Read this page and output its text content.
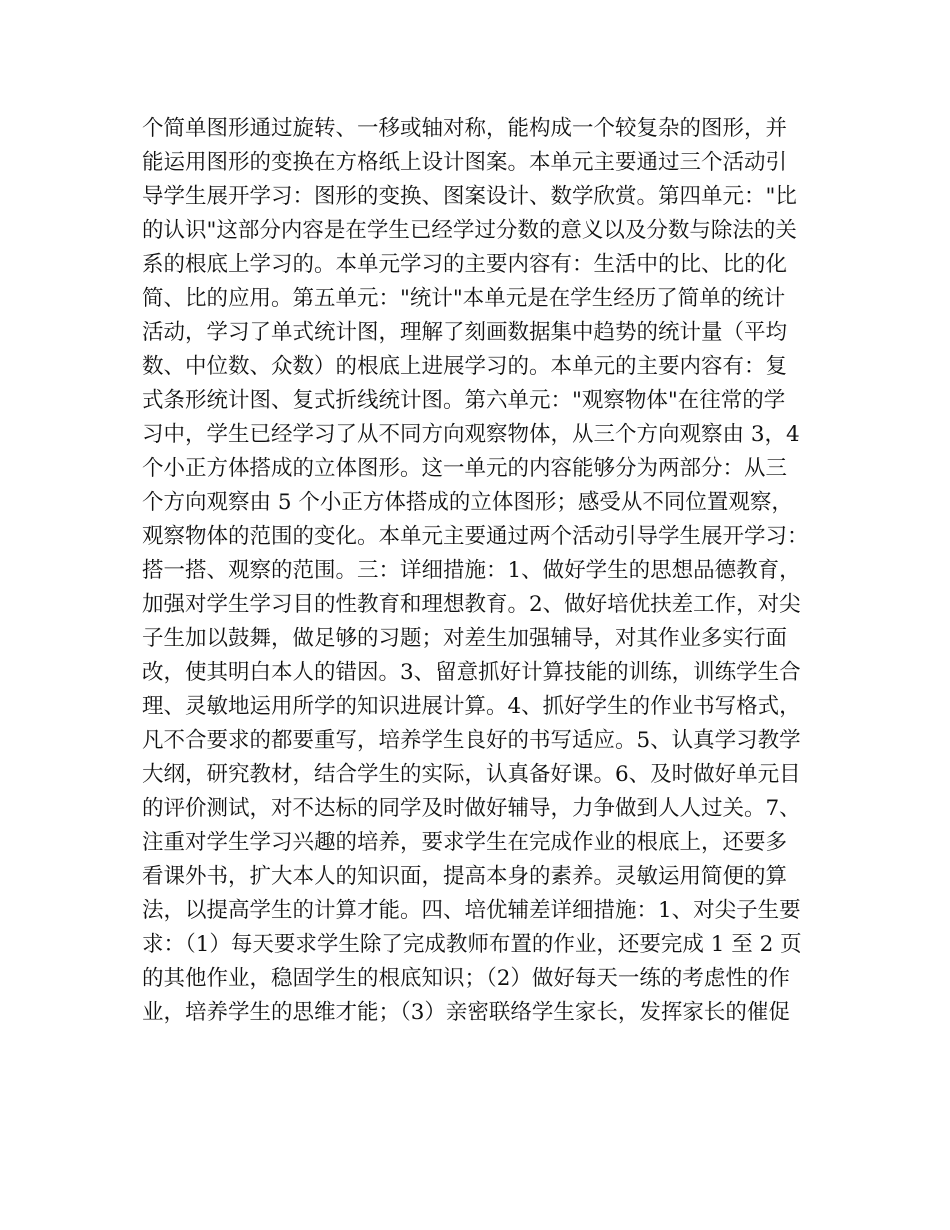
个简单图形通过旋转、一移或轴对称，能构成一个较复杂的图形，并
能运用图形的变换在方格纸上设计图案。本单元主要通过三个活动引
导学生展开学习：图形的变换、图案设计、数学欣赏。第四单元："比
的认识"这部分内容是在学生已经学过分数的意义以及分数与除法的关
系的根底上学习的。本单元学习的主要内容有：生活中的比、比的化
简、比的应用。第五单元："统计"本单元是在学生经历了简单的统计
活动，学习了单式统计图，理解了刻画数据集中趋势的统计量（平均
数、中位数、众数）的根底上进展学习的。本单元的主要内容有：复
式条形统计图、复式折线统计图。第六单元："观察物体"在往常的学
习中，学生已经学习了从不同方向观察物体，从三个方向观察由 3，4
个小正方体搭成的立体图形。这一单元的内容能够分为两部分：从三
个方向观察由 5 个小正方体搭成的立体图形；感受从不同位置观察，
观察物体的范围的变化。本单元主要通过两个活动引导学生展开学习：
搭一搭、观察的范围。三：详细措施：1、做好学生的思想品德教育，
加强对学生学习目的性教育和理想教育。2、做好培优扶差工作，对尖
子生加以鼓舞，做足够的习题；对差生加强辅导，对其作业多实行面
改，使其明白本人的错因。3、留意抓好计算技能的训练，训练学生合
理、灵敏地运用所学的知识进展计算。4、抓好学生的作业书写格式，
凡不合要求的都要重写，培养学生良好的书写适应。5、认真学习教学
大纲，研究教材，结合学生的实际，认真备好课。6、及时做好单元目
的评价测试，对不达标的同学及时做好辅导，力争做到人人过关。7、
注重对学生学习兴趣的培养，要求学生在完成作业的根底上，还要多
看课外书，扩大本人的知识面，提高本身的素养。灵敏运用简便的算
法，以提高学生的计算才能。四、培优辅差详细措施：1、对尖子生要
求：（1）每天要求学生除了完成教师布置的作业，还要完成 1 至 2 页
的其他作业，稳固学生的根底知识；（2）做好每天一练的考虑性的作
业，培养学生的思维才能；（3）亲密联络学生家长，发挥家长的催促
